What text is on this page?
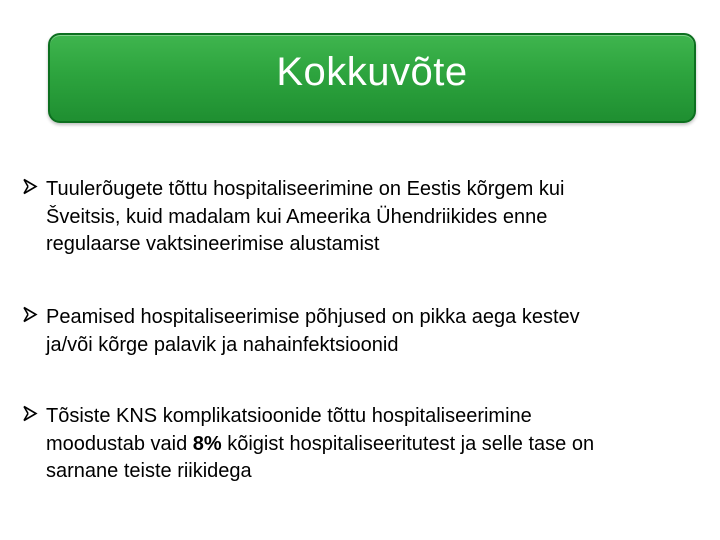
Kokkuvõte
Tuulerõugete tõttu hospitaliseerimine on Eestis kõrgem kui
Šveitsis, kuid madalam kui Ameerika Ühendriikides enne
regulaarse vaktsineerimise alustamist
Peamised hospitaliseerimise põhjused on pikka aega kestev
ja/või kõrge palavik ja nahainfektsioonid
Tõsiste KNS komplikatsioonide tõttu hospitaliseerimine
moodustab vaid 8% kõigist hospitaliseeritutest ja selle tase on
sarnane teiste riikidega
